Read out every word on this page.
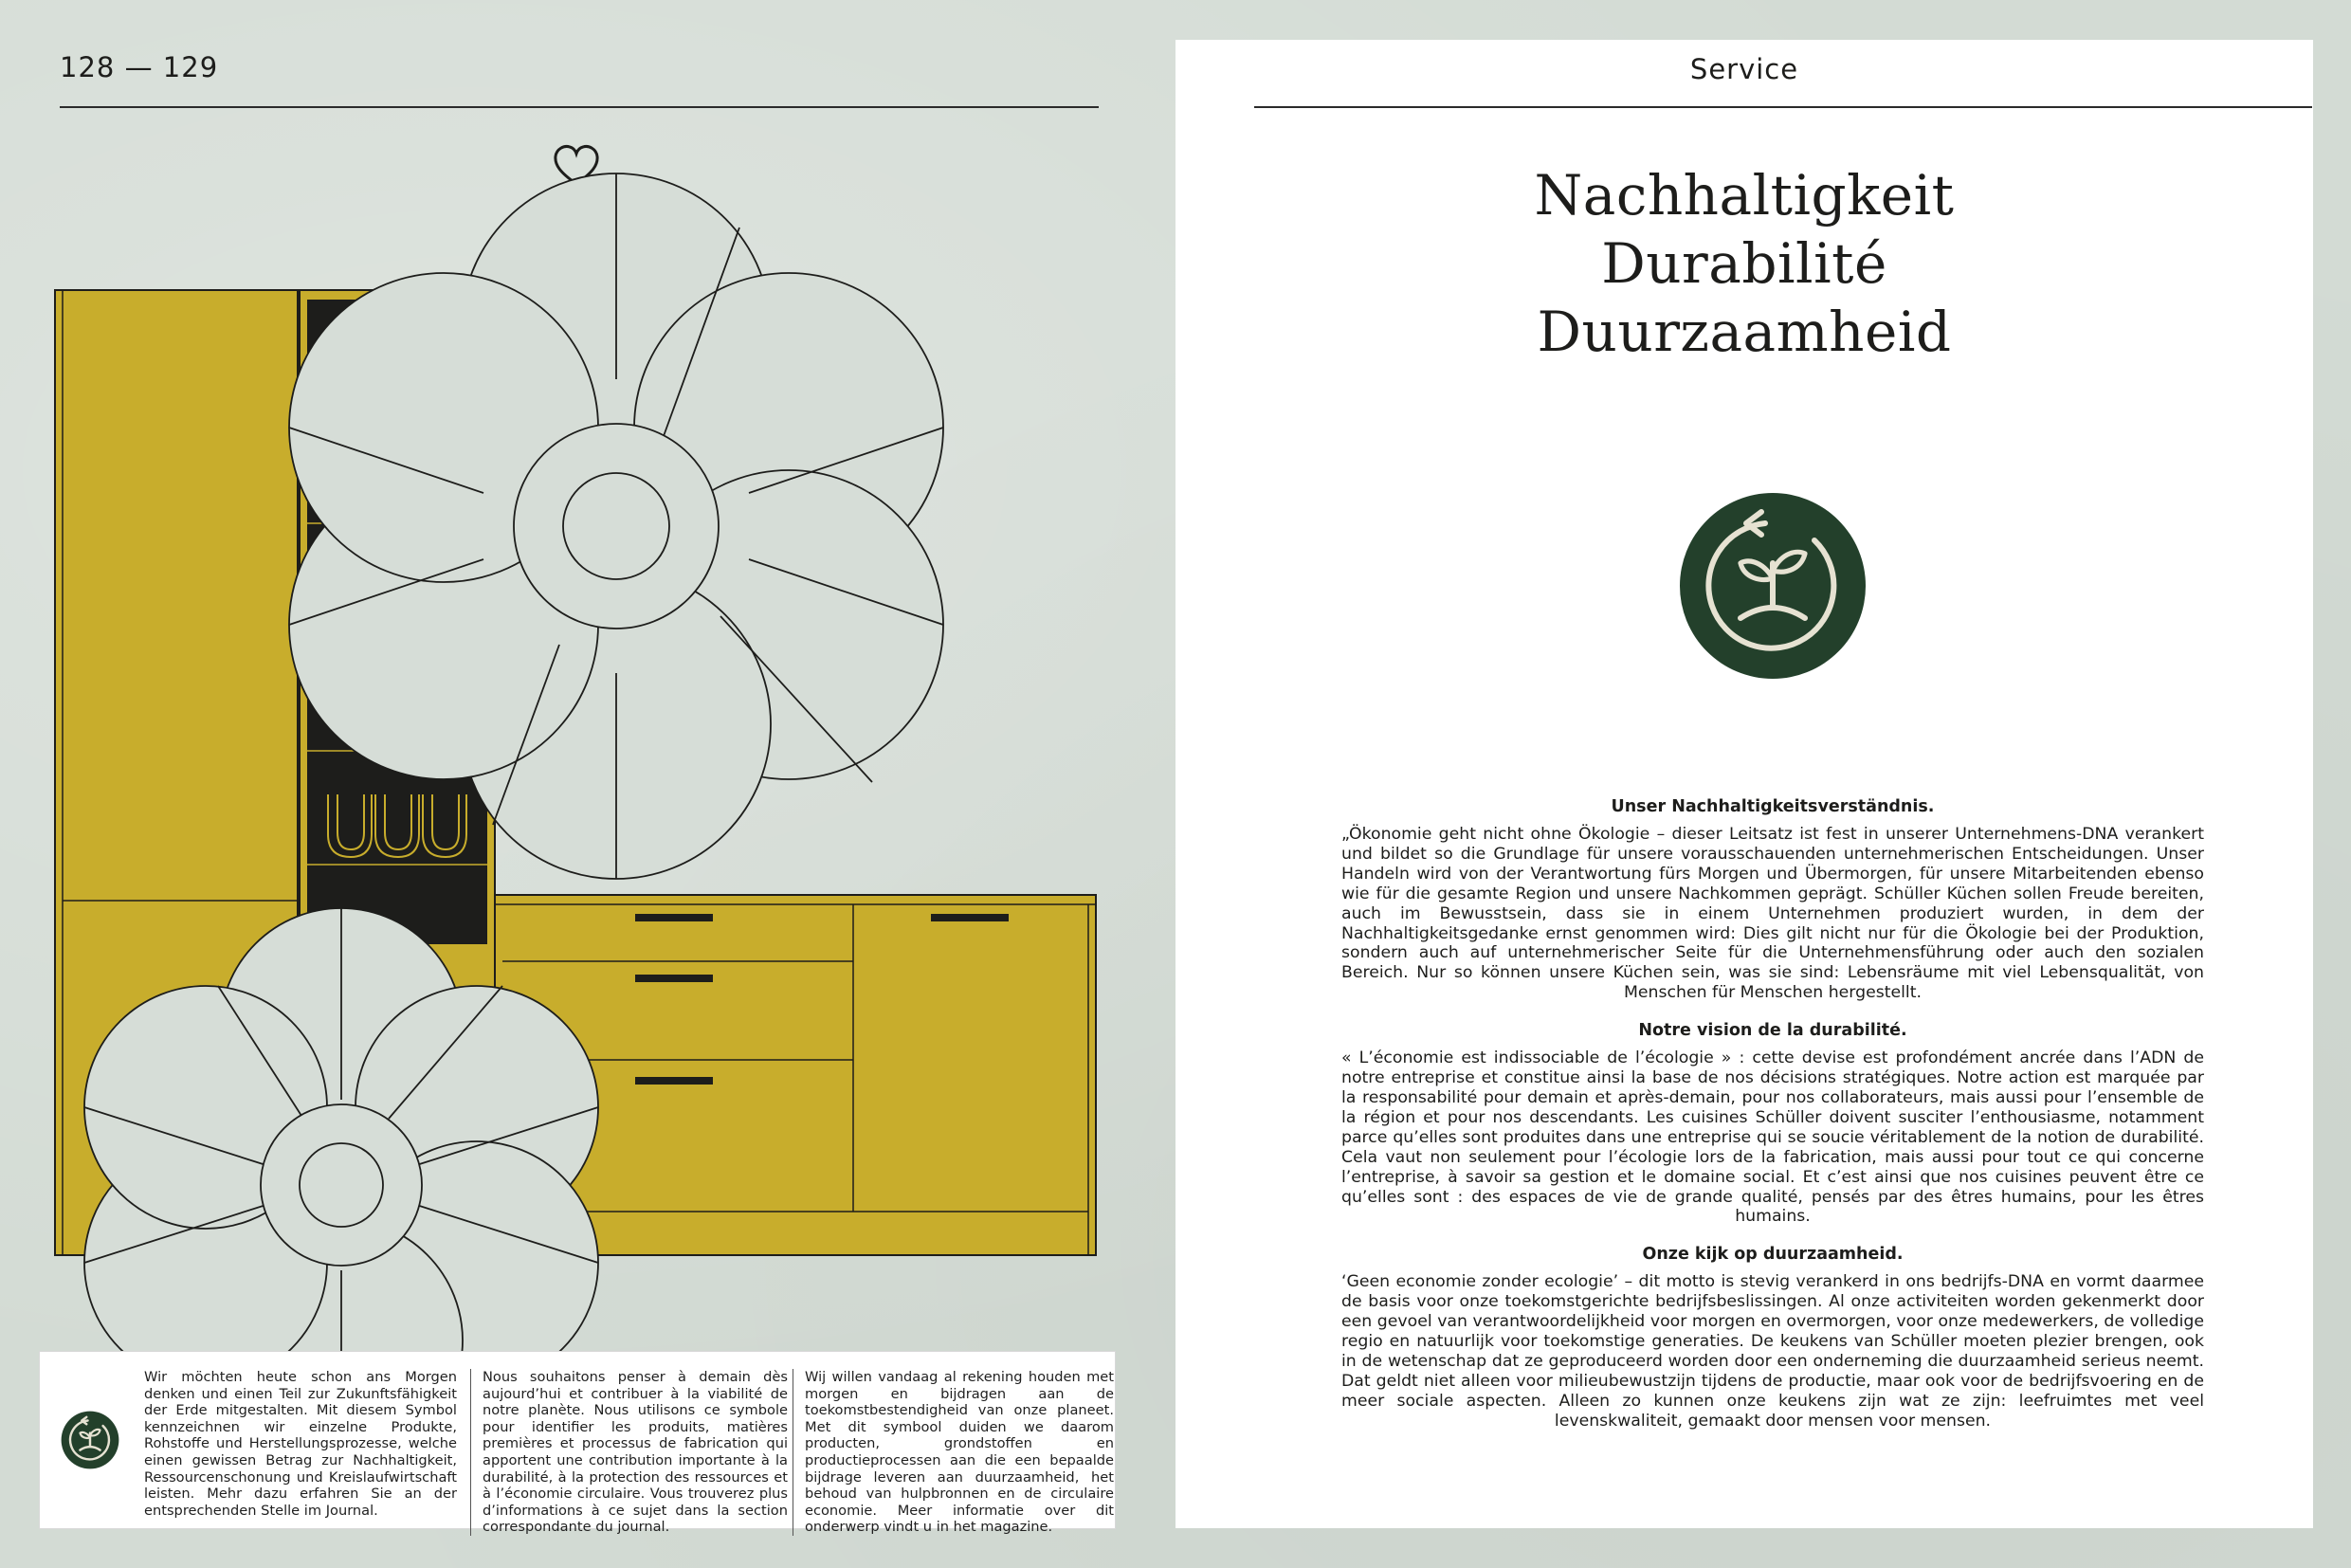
128 — 129
Wir möchten heute schon ans Morgen denken und einen Teil zur Zukunftsfähigkeit der Erde mitgestalten. Mit diesem Symbol kennzeichnen wir einzelne Produkte, Rohstoffe und Herstellungsprozesse, welche einen gewissen Betrag zur Nachhaltigkeit, Ressourcenschonung und Kreislaufwirtschaft leisten. Mehr dazu erfahren Sie an der entsprechenden Stelle im Journal.
Nous souhaitons penser à demain dès aujourd’hui et contribuer à la viabilité de notre planète. Nous utilisons ce symbole pour identifier les produits, matières premières et processus de fabrication qui apportent une contribution importante à la durabilité, à la protection des ressources et à l’économie circulaire. Vous trouverez plus d’informations à ce sujet dans la section correspondante du journal.
Wij willen vandaag al rekening houden met morgen en bijdragen aan de toekomstbestendigheid van onze planeet. Met dit symbool duiden we daarom producten, grondstoffen en productieprocessen aan die een bepaalde bijdrage leveren aan duurzaamheid, het behoud van hulpbronnen en de circulaire economie. Meer informatie over dit onderwerp vindt u in het magazine.
Service
Nachhaltigkeit
Durabilité
Duurzaamheid
Unser Nachhaltigkeitsverständnis.
„Ökonomie geht nicht ohne Ökologie – dieser Leitsatz ist fest in unserer Unternehmens-DNA verankert und bildet so die Grundlage für unsere vorausschauenden unternehmerischen Entscheidungen. Unser Handeln wird von der Verantwortung fürs Morgen und Übermorgen, für unsere Mitarbeitenden ebenso wie für die gesamte Region und unsere Nachkommen geprägt. Schüller Küchen sollen Freude bereiten, auch im Bewusstsein, dass sie in einem Unternehmen produziert wurden, in dem der Nachhaltigkeitsgedanke ernst genommen wird: Dies gilt nicht nur für die Ökologie bei der Produktion, sondern auch auf unternehmerischer Seite für die Unternehmensführung oder auch den sozialen Bereich. Nur so können unsere Küchen sein, was sie sind: Lebensräume mit viel Lebensqualität, von Menschen für Menschen hergestellt.
Notre vision de la durabilité.
« L’économie est indissociable de l’écologie » : cette devise est profondément ancrée dans l’ADN de notre entreprise et constitue ainsi la base de nos décisions stratégiques. Notre action est marquée par la responsabilité pour demain et après-demain, pour nos collaborateurs, mais aussi pour l’ensemble de la région et pour nos descendants. Les cuisines Schüller doivent susciter l’enthousiasme, notamment parce qu’elles sont produites dans une entreprise qui se soucie véritablement de la notion de durabilité. Cela vaut non seulement pour l’écologie lors de la fabrication, mais aussi pour tout ce qui concerne l’entreprise, à savoir sa gestion et le domaine social. Et c’est ainsi que nos cuisines peuvent être ce qu’elles sont : des espaces de vie de grande qualité, pensés par des êtres humains, pour les êtres humains.
Onze kijk op duurzaamheid.
‘Geen economie zonder ecologie’ – dit motto is stevig verankerd in ons bedrijfs-DNA en vormt daarmee de basis voor onze toekomstgerichte bedrijfsbeslissingen. Al onze activiteiten worden gekenmerkt door een gevoel van verantwoordelijkheid voor morgen en overmorgen, voor onze medewerkers, de volledige regio en natuurlijk voor toekomstige generaties. De keukens van Schüller moeten plezier brengen, ook in de wetenschap dat ze geproduceerd worden door een onderneming die duurzaamheid serieus neemt. Dat geldt niet alleen voor milieubewustzijn tijdens de productie, maar ook voor de bedrijfsvoering en de meer sociale aspecten. Alleen zo kunnen onze keukens zijn wat ze zijn: leefruimtes met veel levenskwaliteit, gemaakt door mensen voor mensen.
